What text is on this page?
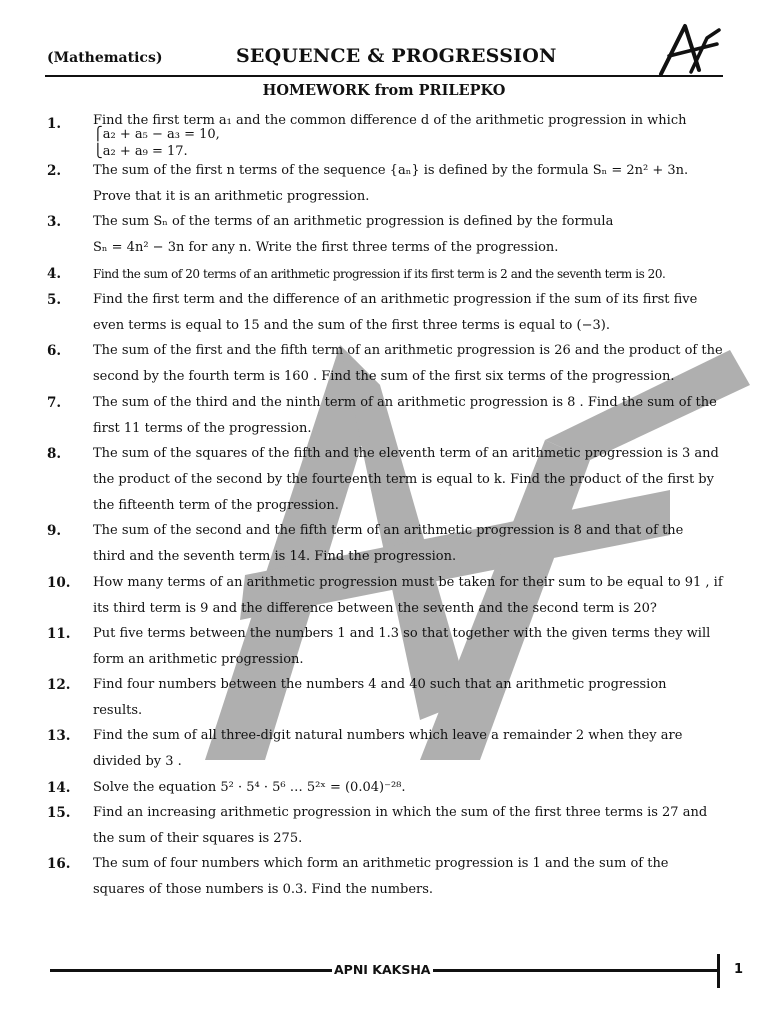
(Mathematics)	SEQUENCE & PROGRESSION
HOMEWORK from PRILEPKO
1. Find the first term a₁ and the common difference d of the arithmetic progression in which
⎧a₂ + a₅ − a₃ = 10,
⎩a₂ + a₉ = 17.
2. The sum of the first n terms of the sequence {aₙ} is defined by the formula Sₙ = 2n² + 3n.
Prove that it is an arithmetic progression.
3. The sum Sₙ of the terms of an arithmetic progression is defined by the formula
Sₙ = 4n² − 3n for any n. Write the first three terms of the progression.
4.	Find the sum of 20 terms of an arithmetic progression if its first term is 2 and the seventh term is 20.
5. Find the first term and the difference of an arithmetic progression if the sum of its first five
even terms is equal to 15 and the sum of the first three terms is equal to (−3).
6. The sum of the first and the fifth term of an arithmetic progression is 26 and the product of the
second by the fourth term is 160 . Find the sum of the first six terms of the progression.
7. The sum of the third and the ninth term of an arithmetic progression is 8 . Find the sum of the
first 11 terms of the progression.
8. The sum of the squares of the fifth and the eleventh term of an arithmetic progression is 3 and
the product of the second by the fourteenth term is equal to k. Find the product of the first by
the fifteenth term of the progression.
9. The sum of the second and the fifth term of an arithmetic progression is 8 and that of the
third and the seventh term is 14. Find the progression.
10. How many terms of an arithmetic progression must be taken for their sum to be equal to 91 , if
its third term is 9 and the difference between the seventh and the second term is 20?
11. Put five terms between the numbers 1 and 1.3 so that together with the given terms they will
form an arithmetic progression.
12. Find four numbers between the numbers 4 and 40 such that an arithmetic progression
results.
13. Find the sum of all three-digit natural numbers which leave a remainder 2 when they are
divided by 3 .
14. Solve the equation 5² · 5⁴ · 5⁶ … 5²ˣ = (0.04)⁻²⁸.
15. Find an increasing arithmetic progression in which the sum of the first three terms is 27 and
the sum of their squares is 275.
16. The sum of four numbers which form an arithmetic progression is 1 and the sum of the
squares of those numbers is 0.3. Find the numbers.
APNI KAKSHA	1
